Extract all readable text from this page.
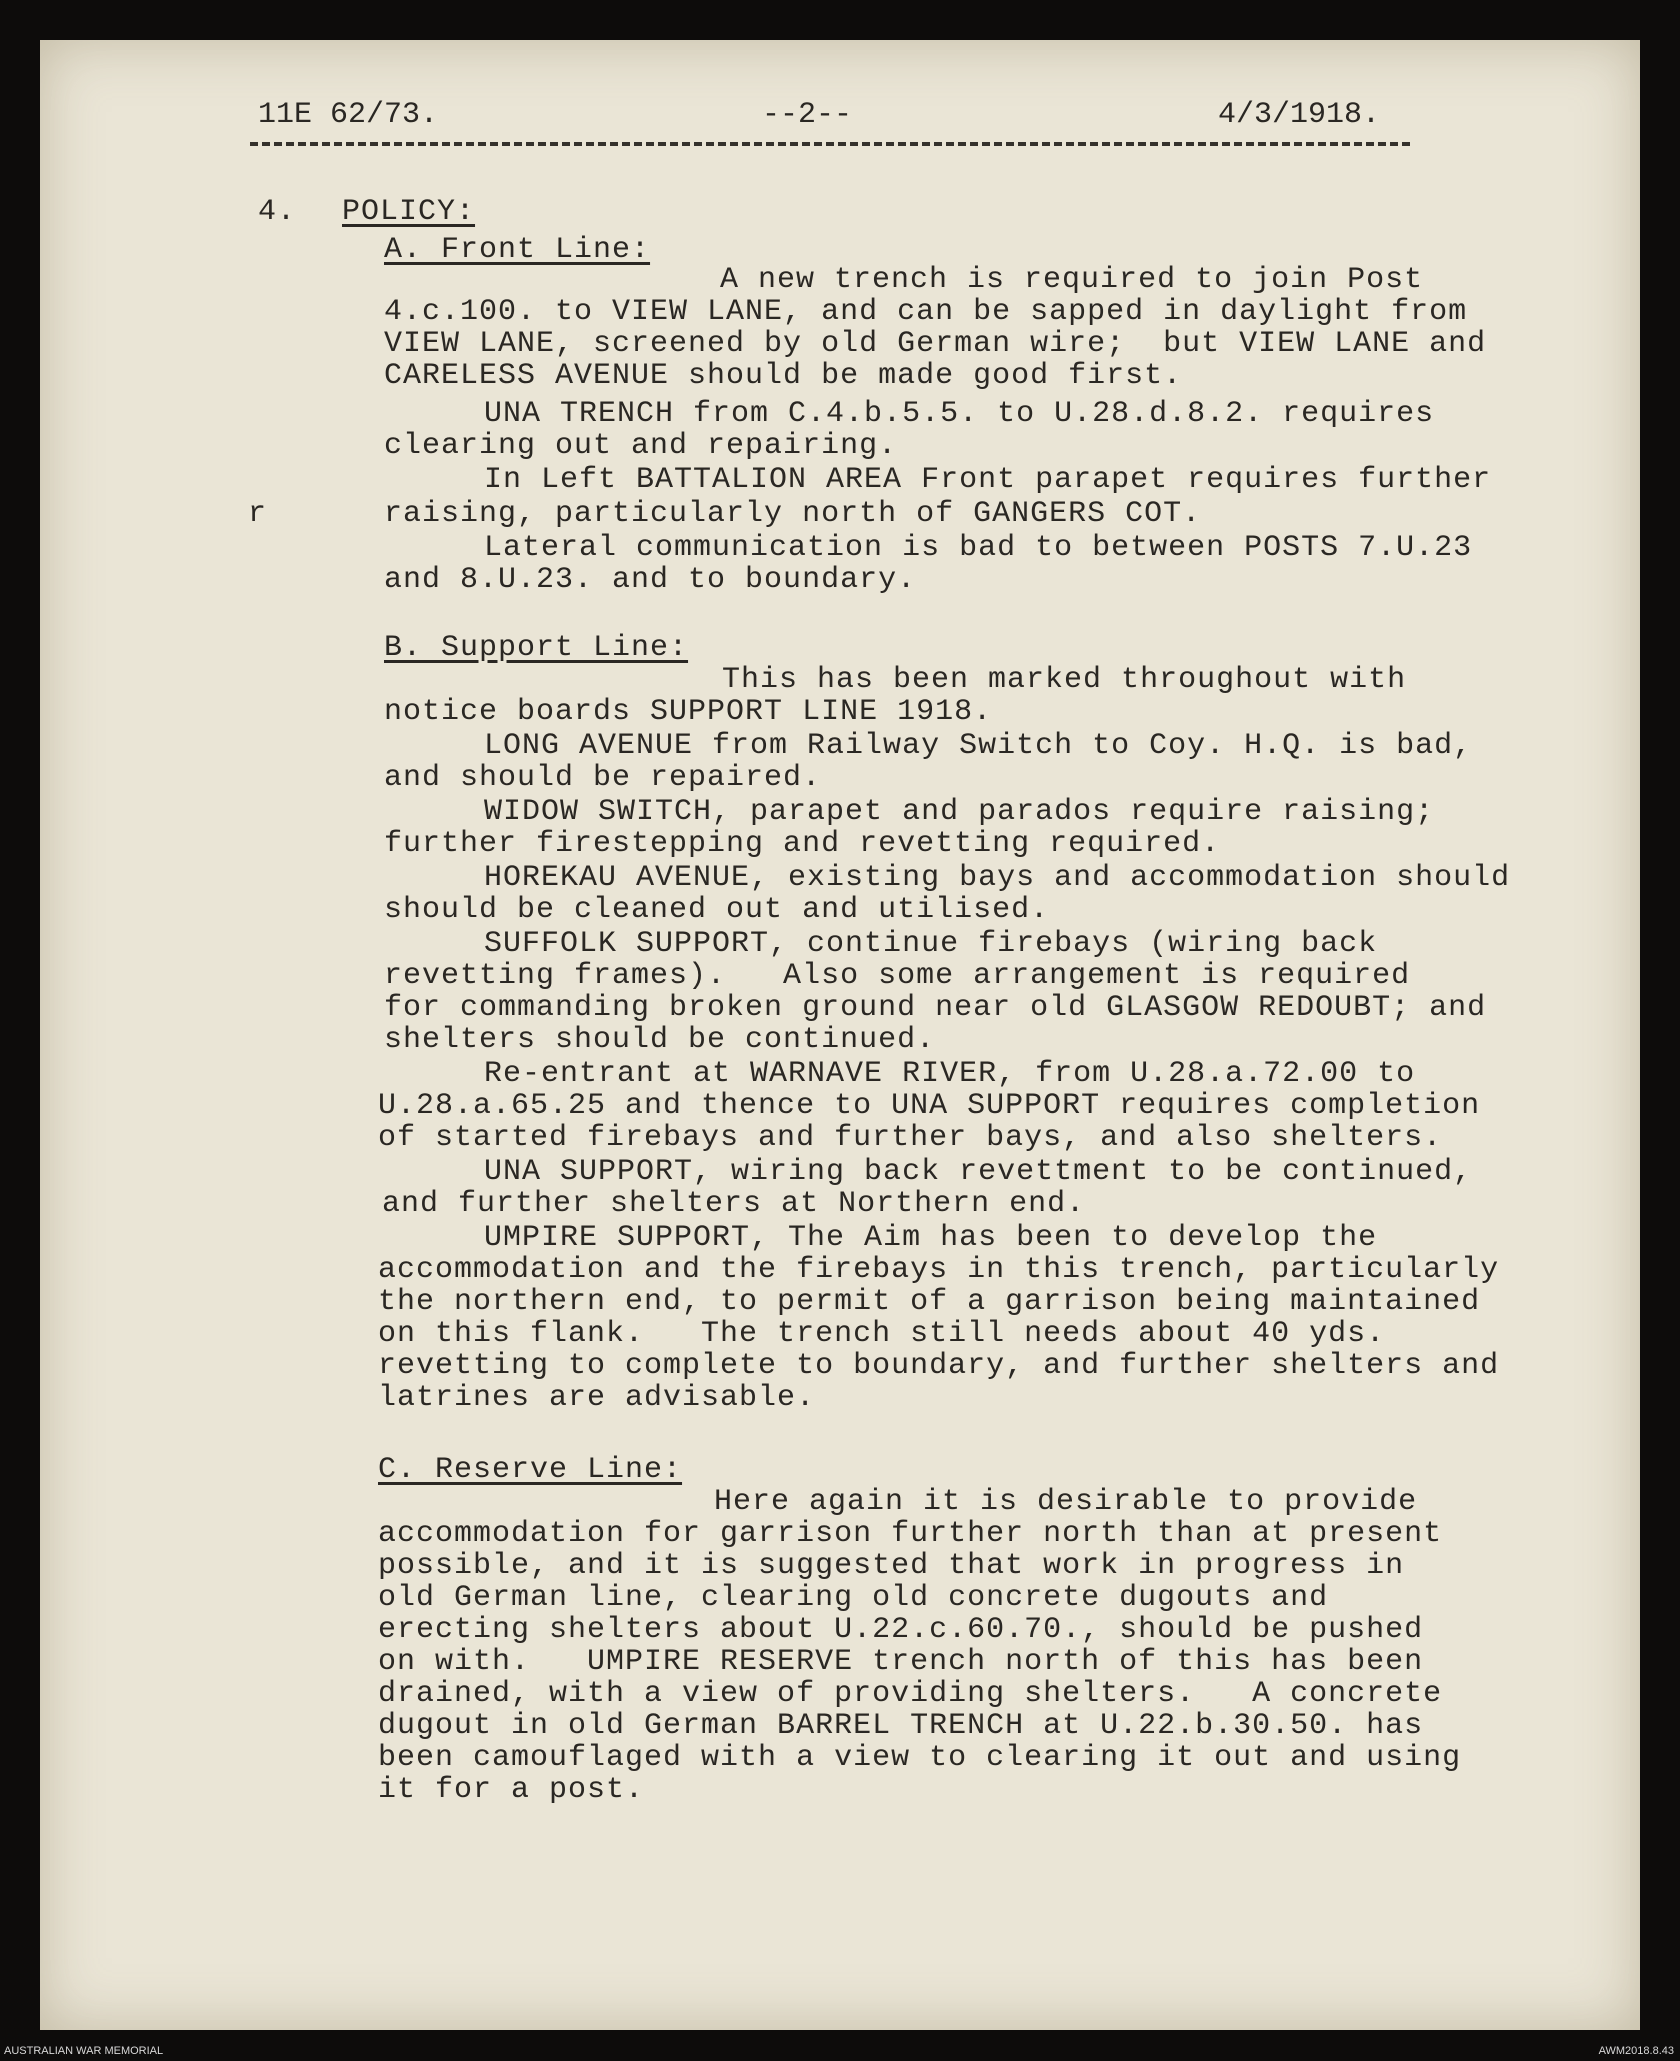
11E 62/73.	--2--	4/3/1918.
4. POLICY:
A. Front Line:
A new trench is required to join Post
4.c.100. to VIEW LANE, and can be sapped in daylight from
VIEW LANE, screened by old German wire;  but VIEW LANE and
CARELESS AVENUE should be made good first.
UNA TRENCH from C.4.b.5.5. to U.28.d.8.2. requires
clearing out and repairing.
In Left BATTALION AREA Front parapet requires further
raising, particularly north of GANGERS COT.
r
Lateral communication is bad to between POSTS 7.U.23
and 8.U.23. and to boundary.
B. Support Line:
This has been marked throughout with
notice boards SUPPORT LINE 1918.
LONG AVENUE from Railway Switch to Coy. H.Q. is bad,
and should be repaired.
WIDOW SWITCH, parapet and parados require raising;
further firestepping and revetting required.
HOREKAU AVENUE, existing bays and accommodation should
should be cleaned out and utilised.
SUFFOLK SUPPORT, continue firebays (wiring back
revetting frames).   Also some arrangement is required
for commanding broken ground near old GLASGOW REDOUBT; and
shelters should be continued.
Re-entrant at WARNAVE RIVER, from U.28.a.72.00 to
U.28.a.65.25 and thence to UNA SUPPORT requires completion
of started firebays and further bays, and also shelters.
UNA SUPPORT, wiring back revettment to be continued,
and further shelters at Northern end.
UMPIRE SUPPORT, The Aim has been to develop the
accommodation and the firebays in this trench, particularly
the northern end, to permit of a garrison being maintained
on this flank.   The trench still needs about 40 yds.
revetting to complete to boundary, and further shelters and
latrines are advisable.
C. Reserve Line:
Here again it is desirable to provide
accommodation for garrison further north than at present
possible, and it is suggested that work in progress in
old German line, clearing old concrete dugouts and
erecting shelters about U.22.c.60.70., should be pushed
on with.   UMPIRE RESERVE trench north of this has been
drained, with a view of providing shelters.   A concrete
dugout in old German BARREL TRENCH at U.22.b.30.50. has
been camouflaged with a view to clearing it out and using
it for a post.
AUSTRALIAN WAR MEMORIAL	AWM2018.8.43
